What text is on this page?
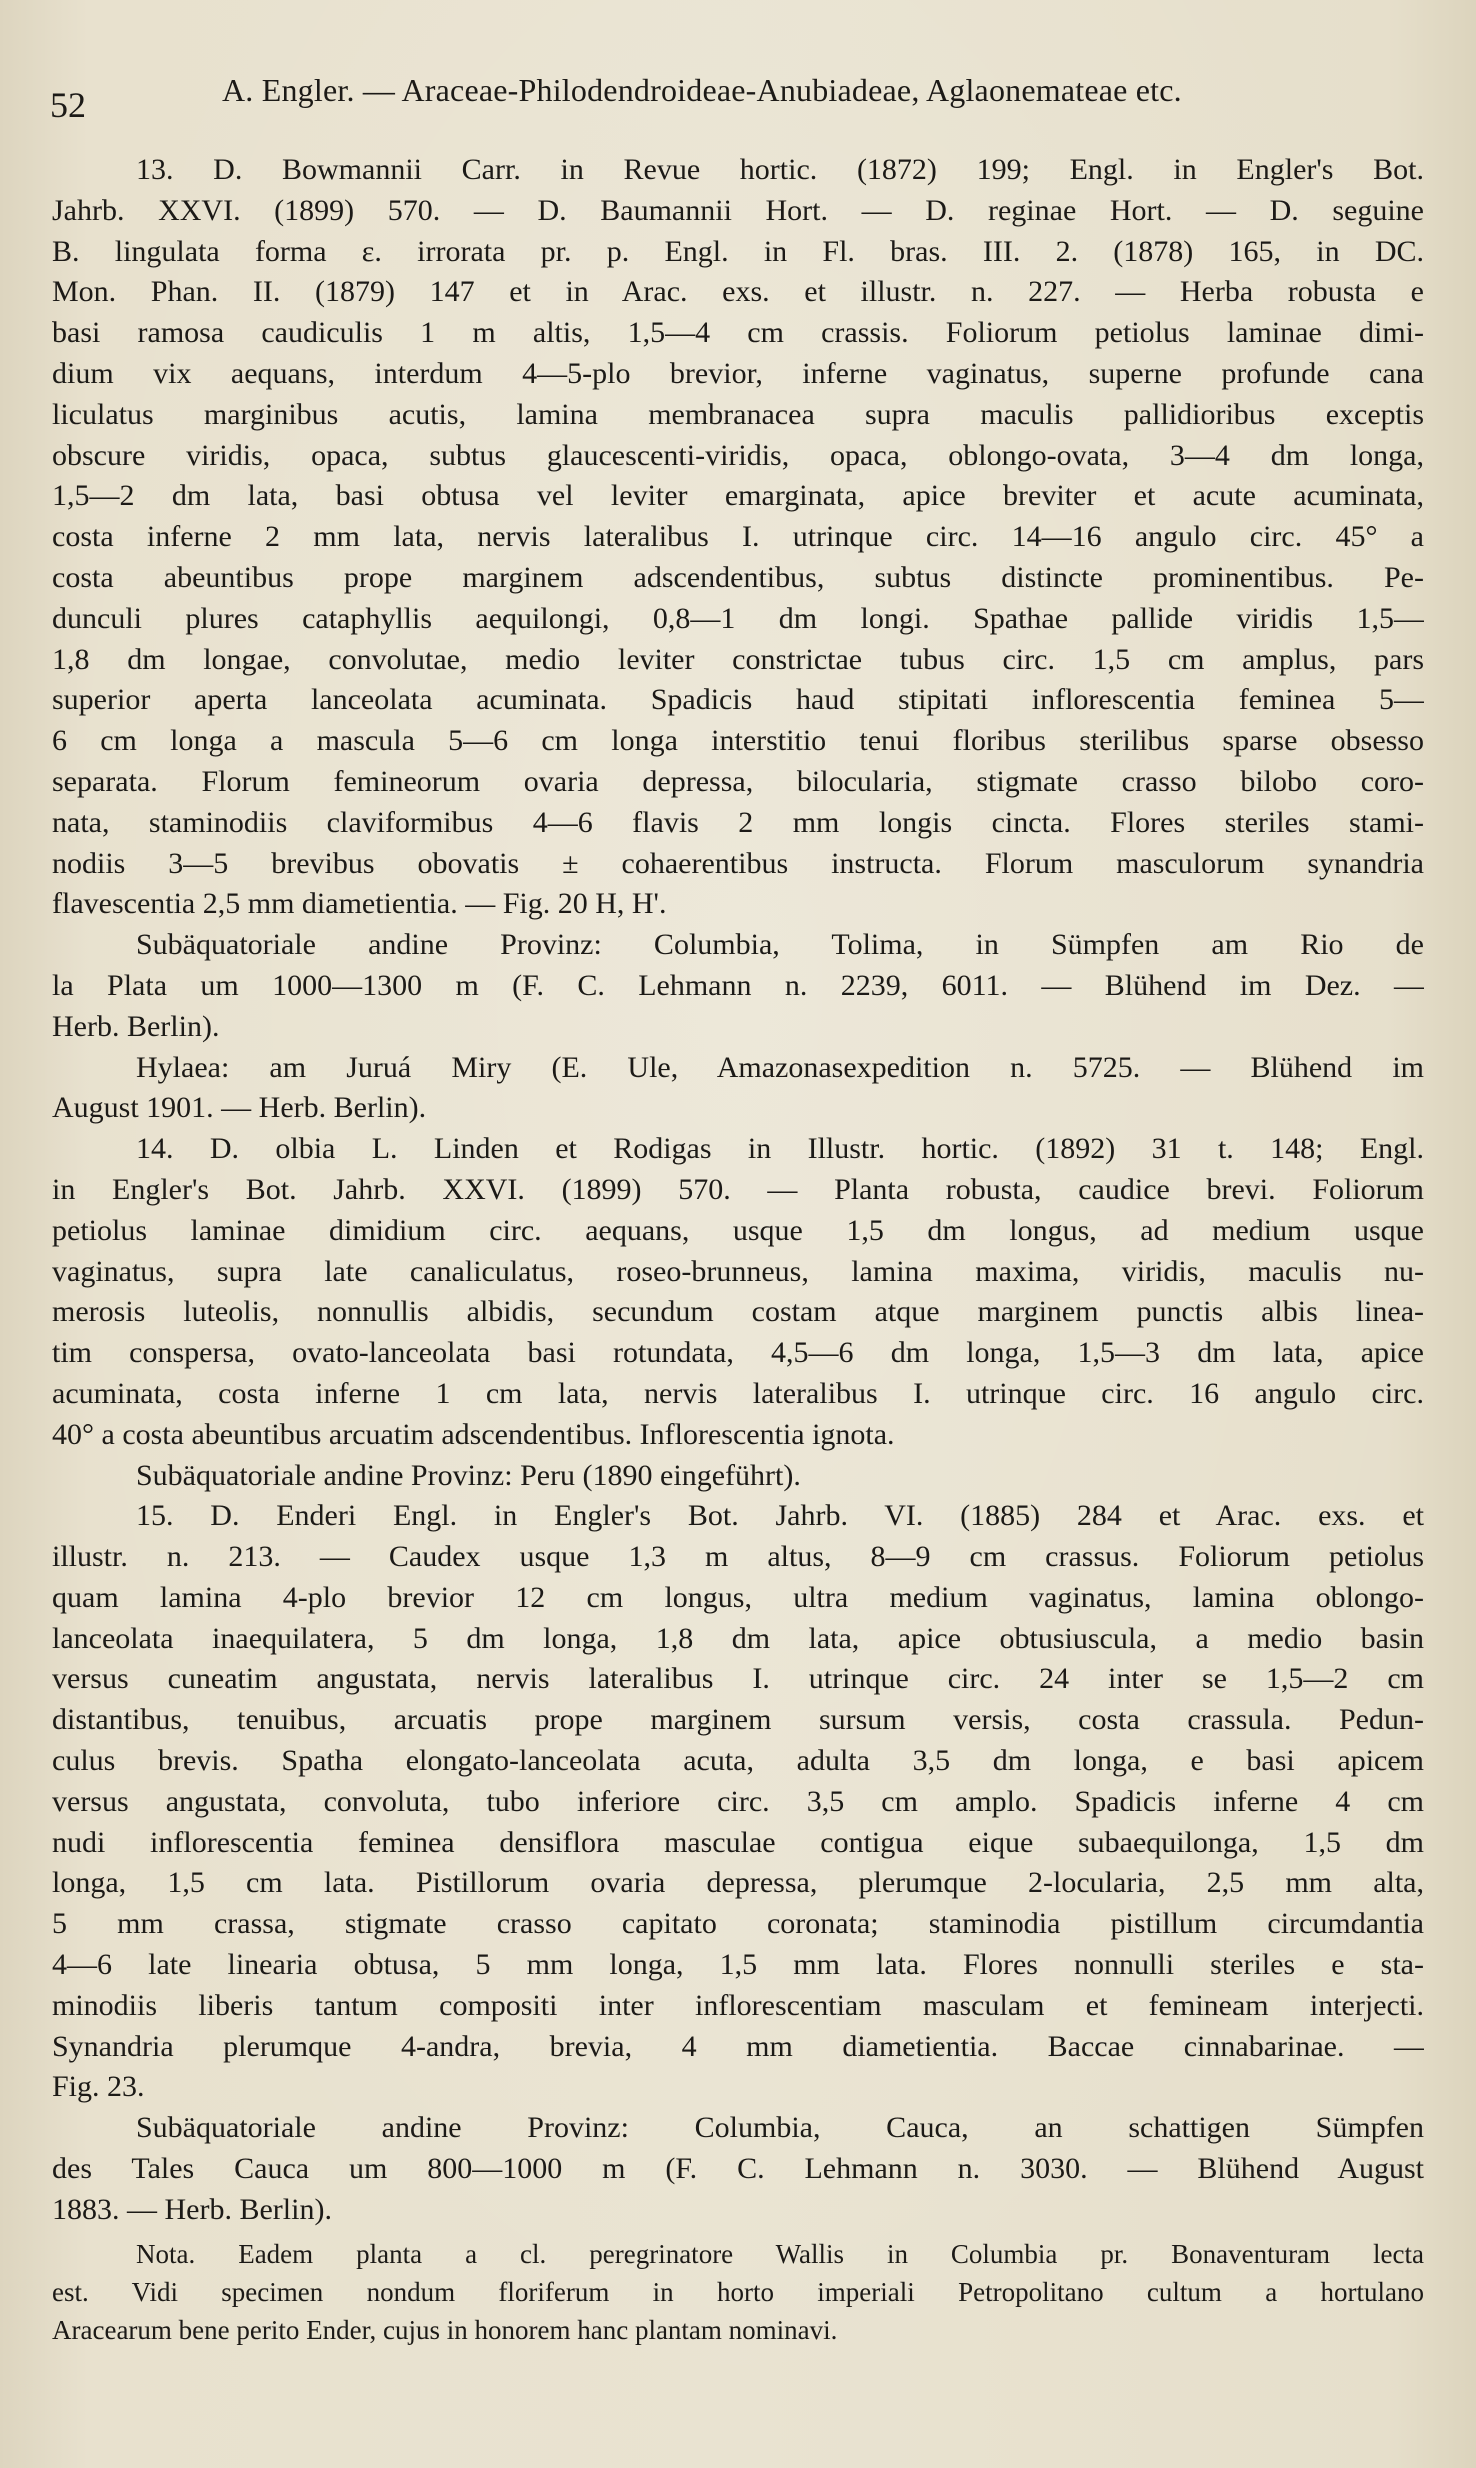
52	A. Engler. — Araceae-Philodendroideae-Anubiadeae, Aglaonemateae etc.
13. D. Bowmannii Carr. in Revue hortic. (1872) 199; Engl. in Engler's Bot.
Jahrb. XXVI. (1899) 570. — D. Baumannii Hort. — D. reginae Hort. — D. seguine
B. lingulata forma ε. irrorata pr. p. Engl. in Fl. bras. III. 2. (1878) 165, in DC.
Mon. Phan. II. (1879) 147 et in Arac. exs. et illustr. n. 227. — Herba robusta e
basi ramosa caudiculis 1 m altis, 1,5—4 cm crassis. Foliorum petiolus laminae dimi-
dium vix aequans, interdum 4—5-plo brevior, inferne vaginatus, superne profunde cana
liculatus marginibus acutis, lamina membranacea supra maculis pallidioribus exceptis
obscure viridis, opaca, subtus glaucescenti-viridis, opaca, oblongo-ovata, 3—4 dm longa,
1,5—2 dm lata, basi obtusa vel leviter emarginata, apice breviter et acute acuminata,
costa inferne 2 mm lata, nervis lateralibus I. utrinque circ. 14—16 angulo circ. 45° a
costa abeuntibus prope marginem adscendentibus, subtus distincte prominentibus. Pe-
dunculi plures cataphyllis aequilongi, 0,8—1 dm longi. Spathae pallide viridis 1,5—
1,8 dm longae, convolutae, medio leviter constrictae tubus circ. 1,5 cm amplus, pars
superior aperta lanceolata acuminata. Spadicis haud stipitati inflorescentia feminea 5—
6 cm longa a mascula 5—6 cm longa interstitio tenui floribus sterilibus sparse obsesso
separata. Florum femineorum ovaria depressa, bilocularia, stigmate crasso bilobo coro-
nata, staminodiis claviformibus 4—6 flavis 2 mm longis cincta. Flores steriles stami-
nodiis 3—5 brevibus obovatis ± cohaerentibus instructa. Florum masculorum synandria
flavescentia 2,5 mm diametientia. — Fig. 20 H, H'.
Subäquatoriale andine Provinz: Columbia, Tolima, in Sümpfen am Rio de
la Plata um 1000—1300 m (F. C. Lehmann n. 2239, 6011. — Blühend im Dez. —
Herb. Berlin).
Hylaea: am Juruá Miry (E. Ule, Amazonasexpedition n. 5725. — Blühend im
August 1901. — Herb. Berlin).
14. D. olbia L. Linden et Rodigas in Illustr. hortic. (1892) 31 t. 148; Engl.
in Engler's Bot. Jahrb. XXVI. (1899) 570. — Planta robusta, caudice brevi. Foliorum
petiolus laminae dimidium circ. aequans, usque 1,5 dm longus, ad medium usque
vaginatus, supra late canaliculatus, roseo-brunneus, lamina maxima, viridis, maculis nu-
merosis luteolis, nonnullis albidis, secundum costam atque marginem punctis albis linea-
tim conspersa, ovato-lanceolata basi rotundata, 4,5—6 dm longa, 1,5—3 dm lata, apice
acuminata, costa inferne 1 cm lata, nervis lateralibus I. utrinque circ. 16 angulo circ.
40° a costa abeuntibus arcuatim adscendentibus. Inflorescentia ignota.
Subäquatoriale andine Provinz: Peru (1890 eingeführt).
15. D. Enderi Engl. in Engler's Bot. Jahrb. VI. (1885) 284 et Arac. exs. et
illustr. n. 213. — Caudex usque 1,3 m altus, 8—9 cm crassus. Foliorum petiolus
quam lamina 4-plo brevior 12 cm longus, ultra medium vaginatus, lamina oblongo-
lanceolata inaequilatera, 5 dm longa, 1,8 dm lata, apice obtusiuscula, a medio basin
versus cuneatim angustata, nervis lateralibus I. utrinque circ. 24 inter se 1,5—2 cm
distantibus, tenuibus, arcuatis prope marginem sursum versis, costa crassula. Pedun-
culus brevis. Spatha elongato-lanceolata acuta, adulta 3,5 dm longa, e basi apicem
versus angustata, convoluta, tubo inferiore circ. 3,5 cm amplo. Spadicis inferne 4 cm
nudi inflorescentia feminea densiflora masculae contigua eique subaequilonga, 1,5 dm
longa, 1,5 cm lata. Pistillorum ovaria depressa, plerumque 2-locularia, 2,5 mm alta,
5 mm crassa, stigmate crasso capitato coronata; staminodia pistillum circumdantia
4—6 late linearia obtusa, 5 mm longa, 1,5 mm lata. Flores nonnulli steriles e sta-
minodiis liberis tantum compositi inter inflorescentiam masculam et femineam interjecti.
Synandria plerumque 4-andra, brevia, 4 mm diametientia. Baccae cinnabarinae. —
Fig. 23.
Subäquatoriale andine Provinz: Columbia, Cauca, an schattigen Sümpfen
des Tales Cauca um 800—1000 m (F. C. Lehmann n. 3030. — Blühend August
1883. — Herb. Berlin).
Nota. Eadem planta a cl. peregrinatore Wallis in Columbia pr. Bonaventuram lecta
est. Vidi specimen nondum floriferum in horto imperiali Petropolitano cultum a hortulano
Aracearum bene perito Ender, cujus in honorem hanc plantam nominavi.
